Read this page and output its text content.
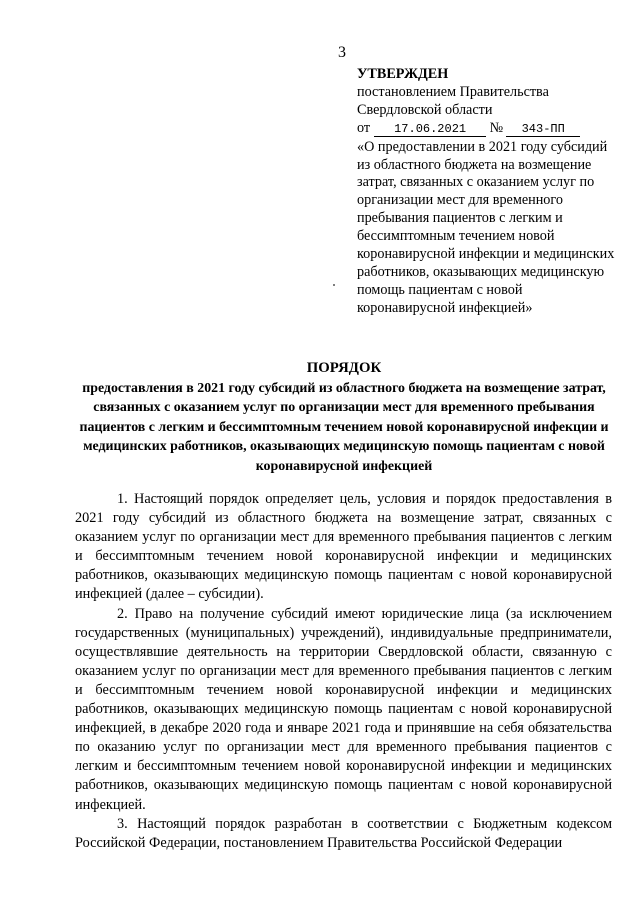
3
УТВЕРЖДЕН
постановлением Правительства
Свердловской области
от 17.06.2021 № 343-ПП
«О предоставлении в 2021 году субсидий из областного бюджета на возмещение затрат, связанных с оказанием услуг по организации мест для временного пребывания пациентов с легким и бессимптомным течением новой коронавирусной инфекции и медицинских работников, оказывающих медицинскую помощь пациентам с новой коронавирусной инфекцией»
ПОРЯДОК
предоставления в 2021 году субсидий из областного бюджета на возмещение затрат, связанных с оказанием услуг по организации мест для временного пребывания пациентов с легким и бессимптомным течением новой коронавирусной инфекции и медицинских работников, оказывающих медицинскую помощь пациентам с новой коронавирусной инфекцией

1. Настоящий порядок определяет цель, условия и порядок предоставления в 2021 году субсидий из областного бюджета на возмещение затрат, связанных с оказанием услуг по организации мест для временного пребывания пациентов с легким и бессимптомным течением новой коронавирусной инфекции и медицинских работников, оказывающих медицинскую помощь пациентам с новой коронавирусной инфекцией (далее – субсидии).

2. Право на получение субсидий имеют юридические лица (за исключением государственных (муниципальных) учреждений), индивидуальные предприниматели, осуществлявшие деятельность на территории Свердловской области, связанную с оказанием услуг по организации мест для временного пребывания пациентов с легким и бессимптомным течением новой коронавирусной инфекции и медицинских работников, оказывающих медицинскую помощь пациентам с новой коронавирусной инфекцией, в декабре 2020 года и январе 2021 года и принявшие на себя обязательства по оказанию услуг по организации мест для временного пребывания пациентов с легким и бессимптомным течением новой коронавирусной инфекции и медицинских работников, оказывающих медицинскую помощь пациентам с новой коронавирусной инфекцией.

3. Настоящий порядок разработан в соответствии с Бюджетным кодексом Российской Федерации, постановлением Правительства Российской Федерации
